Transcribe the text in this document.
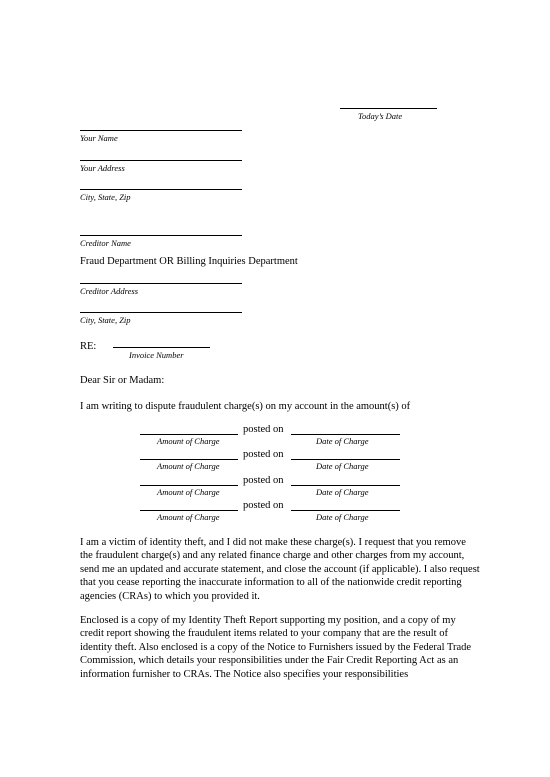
Today’s Date
Your Name
Your Address
City, State, Zip
Creditor Name
Fraud Department OR Billing Inquiries Department
Creditor Address
City, State, Zip
RE:
Invoice Number
Dear Sir or Madam:
I am writing to dispute fraudulent charge(s) on my account in the amount(s) of
posted on
Amount of Charge	Date of Charge
posted on
Amount of Charge	Date of Charge
posted on
Amount of Charge	Date of Charge
posted on
Amount of Charge	Date of Charge
I am a victim of identity theft, and I did not make these charge(s). I request that you remove the fraudulent charge(s) and any related finance charge and other charges from my account, send me an updated and accurate statement, and close the account (if applicable). I also request that you cease reporting the inaccurate information to all of the nationwide credit reporting agencies (CRAs) to which you provided it.
Enclosed is a copy of my Identity Theft Report supporting my position, and a copy of my credit report showing the fraudulent items related to your company that are the result of identity theft. Also enclosed is a copy of the Notice to Furnishers issued by the Federal Trade Commission, which details your responsibilities under the Fair Credit Reporting Act as an information furnisher to CRAs. The Notice also specifies your responsibilities
